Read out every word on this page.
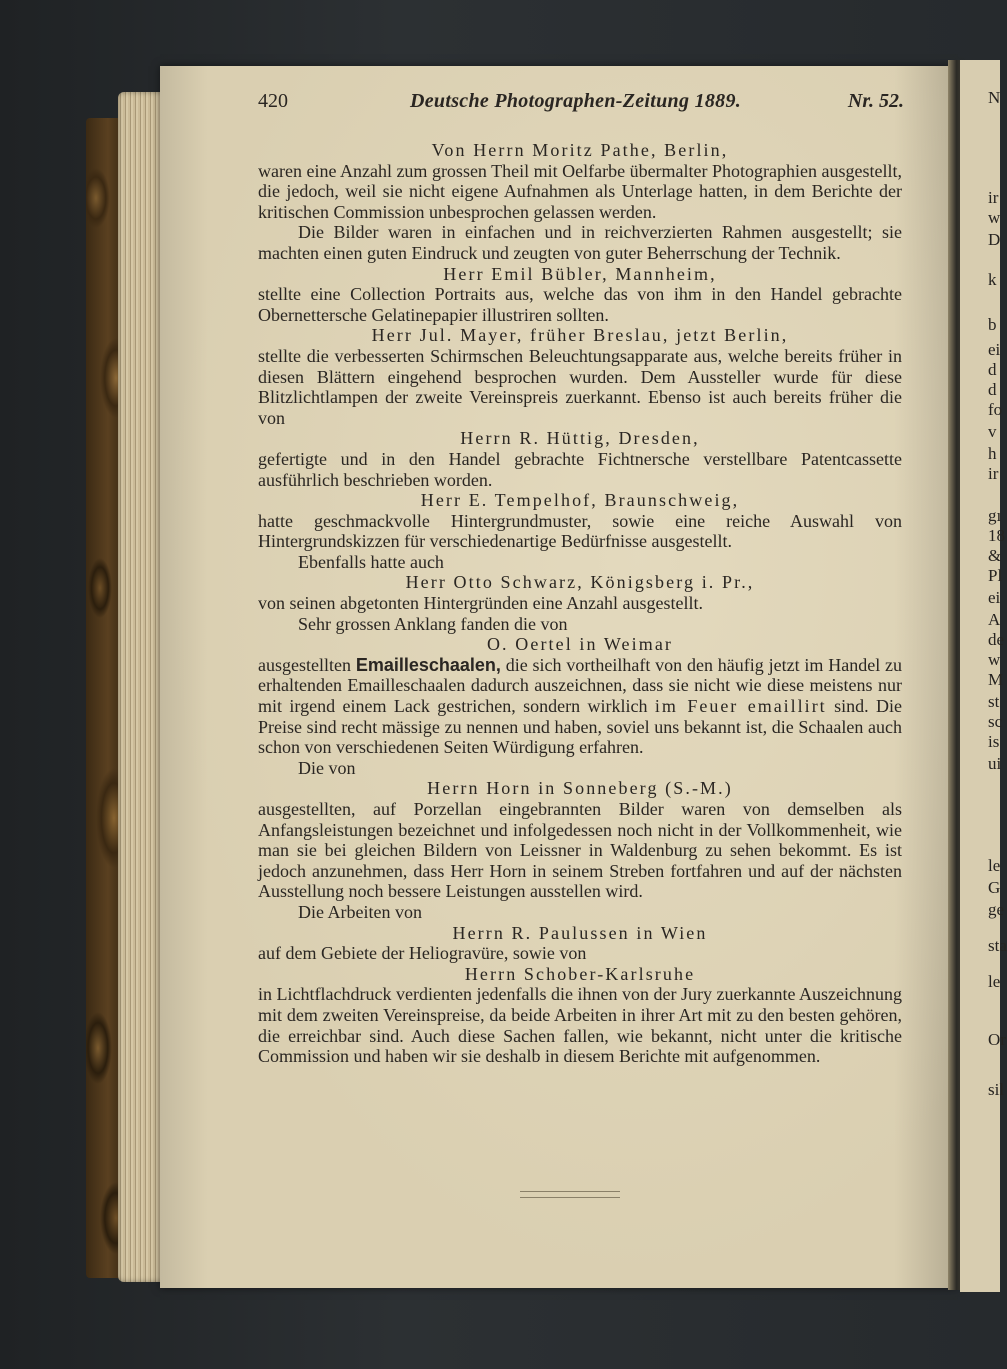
N
ir
w
D
k
b
ei
d
d
fo
v
h
ir
gı
18
&
Pl
ei
A
de
w
M
st
sc
is
ui
le
G
ge
sta
le
Or
sil
420	Deutsche Photographen-Zeitung 1889.	Nr. 52.

Von Herrn Moritz Pathe, Berlin,

waren eine Anzahl zum grossen Theil mit Oelfarbe übermalter Photographien ausgestellt, die jedoch, weil sie nicht eigene Aufnahmen als Unterlage hatten, in dem Berichte der kritischen Commission unbesprochen gelassen werden.

Die Bilder waren in einfachen und in reichverzierten Rahmen ausgestellt; sie machten einen guten Eindruck und zeugten von guter Beherrschung der Technik.

Herr Emil Bübler, Mannheim,

stellte eine Collection Portraits aus, welche das von ihm in den Handel gebrachte Obernettersche Gelatinepapier illustriren sollten.

Herr Jul. Mayer, früher Breslau, jetzt Berlin,

stellte die verbesserten Schirmschen Beleuchtungsapparate aus, welche bereits früher in diesen Blättern eingehend besprochen wurden. Dem Aussteller wurde für diese Blitzlichtlampen der zweite Vereinspreis zuerkannt. Ebenso ist auch bereits früher die von

Herrn R. Hüttig, Dresden,

gefertigte und in den Handel gebrachte Fichtnersche verstellbare Patentcassette ausführlich beschrieben worden.

Herr E. Tempelhof, Braunschweig,

hatte geschmackvolle Hintergrundmuster, sowie eine reiche Auswahl von Hintergrundskizzen für verschiedenartige Bedürfnisse ausgestellt.

Ebenfalls hatte auch

Herr Otto Schwarz, Königsberg i. Pr.,

von seinen abgetonten Hintergründen eine Anzahl ausgestellt.

Sehr grossen Anklang fanden die von

O. Oertel in Weimar

ausgestellten Emailleschaalen, die sich vortheilhaft von den häufig jetzt im Handel zu erhaltenden Emailleschaalen dadurch auszeichnen, dass sie nicht wie diese meistens nur mit irgend einem Lack gestrichen, sondern wirklich im Feuer emaillirt sind. Die Preise sind recht mässige zu nennen und haben, soviel uns bekannt ist, die Schaalen auch schon von verschiedenen Seiten Würdigung erfahren.

Die von

Herrn Horn in Sonneberg (S.-M.)

ausgestellten, auf Porzellan eingebrannten Bilder waren von demselben als Anfangsleistungen bezeichnet und infolgedessen noch nicht in der Vollkommenheit, wie man sie bei gleichen Bildern von Leissner in Waldenburg zu sehen bekommt. Es ist jedoch anzunehmen, dass Herr Horn in seinem Streben fortfahren und auf der nächsten Ausstellung noch bessere Leistungen ausstellen wird.

Die Arbeiten von

Herrn R. Paulussen in Wien

auf dem Gebiete der Heliogravüre, sowie von

Herrn Schober-Karlsruhe

in Lichtflachdruck verdienten jedenfalls die ihnen von der Jury zuerkannte Auszeichnung mit dem zweiten Vereinspreise, da beide Arbeiten in ihrer Art mit zu den besten gehören, die erreichbar sind. Auch diese Sachen fallen, wie bekannt, nicht unter die kritische Commission und haben wir sie deshalb in diesem Berichte mit aufgenommen.
